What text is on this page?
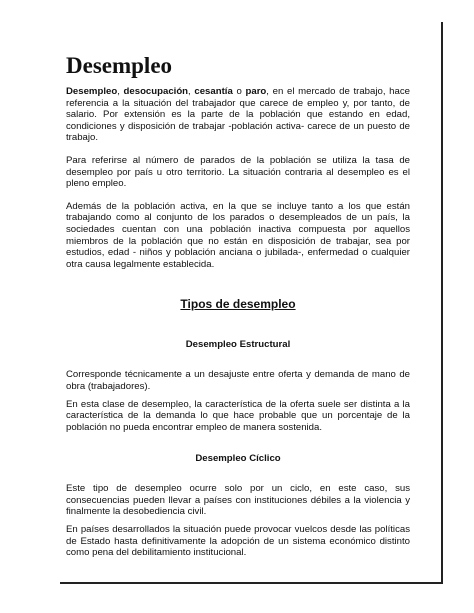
Desempleo

Desempleo, desocupación, cesantía o paro, en el mercado de trabajo, hace referencia a la situación del trabajador que carece de empleo y, por tanto, de salario. Por extensión es la parte de la población que estando en edad, condiciones y disposición de trabajar -población activa- carece de un puesto de trabajo.

Para referirse al número de parados de la población se utiliza la tasa de desempleo por país u otro territorio. La situación contraria al desempleo es el pleno empleo.

Además de la población activa, en la que se incluye tanto a los que están trabajando como al conjunto de los parados o desempleados de un país, la sociedades cuentan con una población inactiva compuesta por aquellos miembros de la población que no están en disposición de trabajar, sea por estudios, edad - niños y población anciana o jubilada-, enfermedad o cualquier otra causa legalmente establecida.

Tipos de desempleo
Desempleo Estructural

Corresponde técnicamente a un desajuste entre oferta y demanda de mano de obra (trabajadores).

En esta clase de desempleo, la característica de la oferta suele ser distinta a la característica de la demanda lo que hace probable que un porcentaje de la población no pueda encontrar empleo de manera sostenida.

Desempleo Cíclico

Este tipo de desempleo ocurre solo por un ciclo, en este caso, sus consecuencias pueden llevar a países con instituciones débiles a la violencia y finalmente la desobediencia civil.

En países desarrollados la situación puede provocar vuelcos desde las políticas de Estado hasta definitivamente la adopción de un sistema económico distinto como pena del debilitamiento institucional.
